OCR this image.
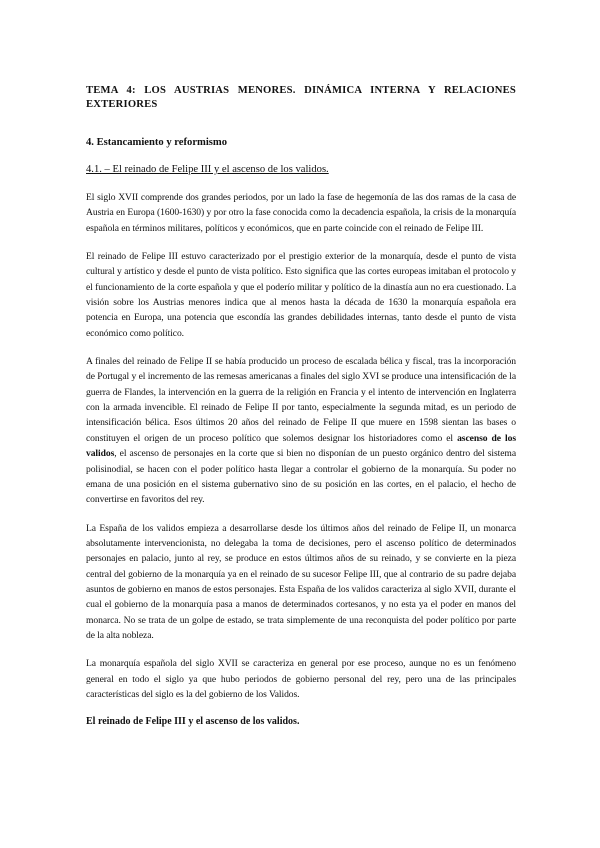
TEMA 4: LOS AUSTRIAS MENORES. DINÁMICA INTERNA Y RELACIONES EXTERIORES
4. Estancamiento y reformismo
4.1. – El reinado de Felipe III y el ascenso de los validos.

El siglo XVII comprende dos grandes periodos, por un lado la fase de hegemonía de las dos ramas de la casa de Austria en Europa (1600-1630) y por otro la fase conocida como la decadencia española, la crisis de la monarquía española en términos militares, políticos y económicos, que en parte coincide con el reinado de Felipe III.

El reinado de Felipe III estuvo caracterizado por el prestigio exterior de la monarquía, desde el punto de vista cultural y artístico y desde el punto de vista político. Esto significa que las cortes europeas imitaban el protocolo y el funcionamiento de la corte española y que el poderío militar y político de la dinastía aun no era cuestionado. La visión sobre los Austrias menores indica que al menos hasta la década de 1630 la monarquía española era potencia en Europa, una potencia que escondía las grandes debilidades internas, tanto desde el punto de vista económico como político.

A finales del reinado de Felipe II se había producido un proceso de escalada bélica y fiscal, tras la incorporación de Portugal y el incremento de las remesas americanas a finales del siglo XVI se produce una intensificación de la guerra de Flandes, la intervención en la guerra de la religión en Francia y el intento de intervención en Inglaterra con la armada invencible. El reinado de Felipe II por tanto, especialmente la segunda mitad, es un periodo de intensificación bélica. Esos últimos 20 años del reinado de Felipe II que muere en 1598 sientan las bases o constituyen el origen de un proceso político que solemos designar los historiadores como el ascenso de los validos, el ascenso de personajes en la corte que si bien no disponían de un puesto orgánico dentro del sistema polisinodial, se hacen con el poder político hasta llegar a controlar el gobierno de la monarquía. Su poder no emana de una posición en el sistema gubernativo sino de su posición en las cortes, en el palacio, el hecho de convertirse en favoritos del rey.

La España de los validos empieza a desarrollarse desde los últimos años del reinado de Felipe II, un monarca absolutamente intervencionista, no delegaba la toma de decisiones, pero el ascenso político de determinados personajes en palacio, junto al rey, se produce en estos últimos años de su reinado, y se convierte en la pieza central del gobierno de la monarquía ya en el reinado de su sucesor Felipe III, que al contrario de su padre dejaba asuntos de gobierno en manos de estos personajes. Esta España de los validos caracteriza al siglo XVII, durante el cual el gobierno de la monarquía pasa a manos de determinados cortesanos, y no esta ya el poder en manos del monarca. No se trata de un golpe de estado, se trata simplemente de una reconquista del poder político por parte de la alta nobleza.

La monarquía española del siglo XVII se caracteriza en general por ese proceso, aunque no es un fenómeno general en todo el siglo ya que hubo periodos de gobierno personal del rey, pero una de las principales características del siglo es la del gobierno de los Validos.

El reinado de Felipe III y el ascenso de los validos.
